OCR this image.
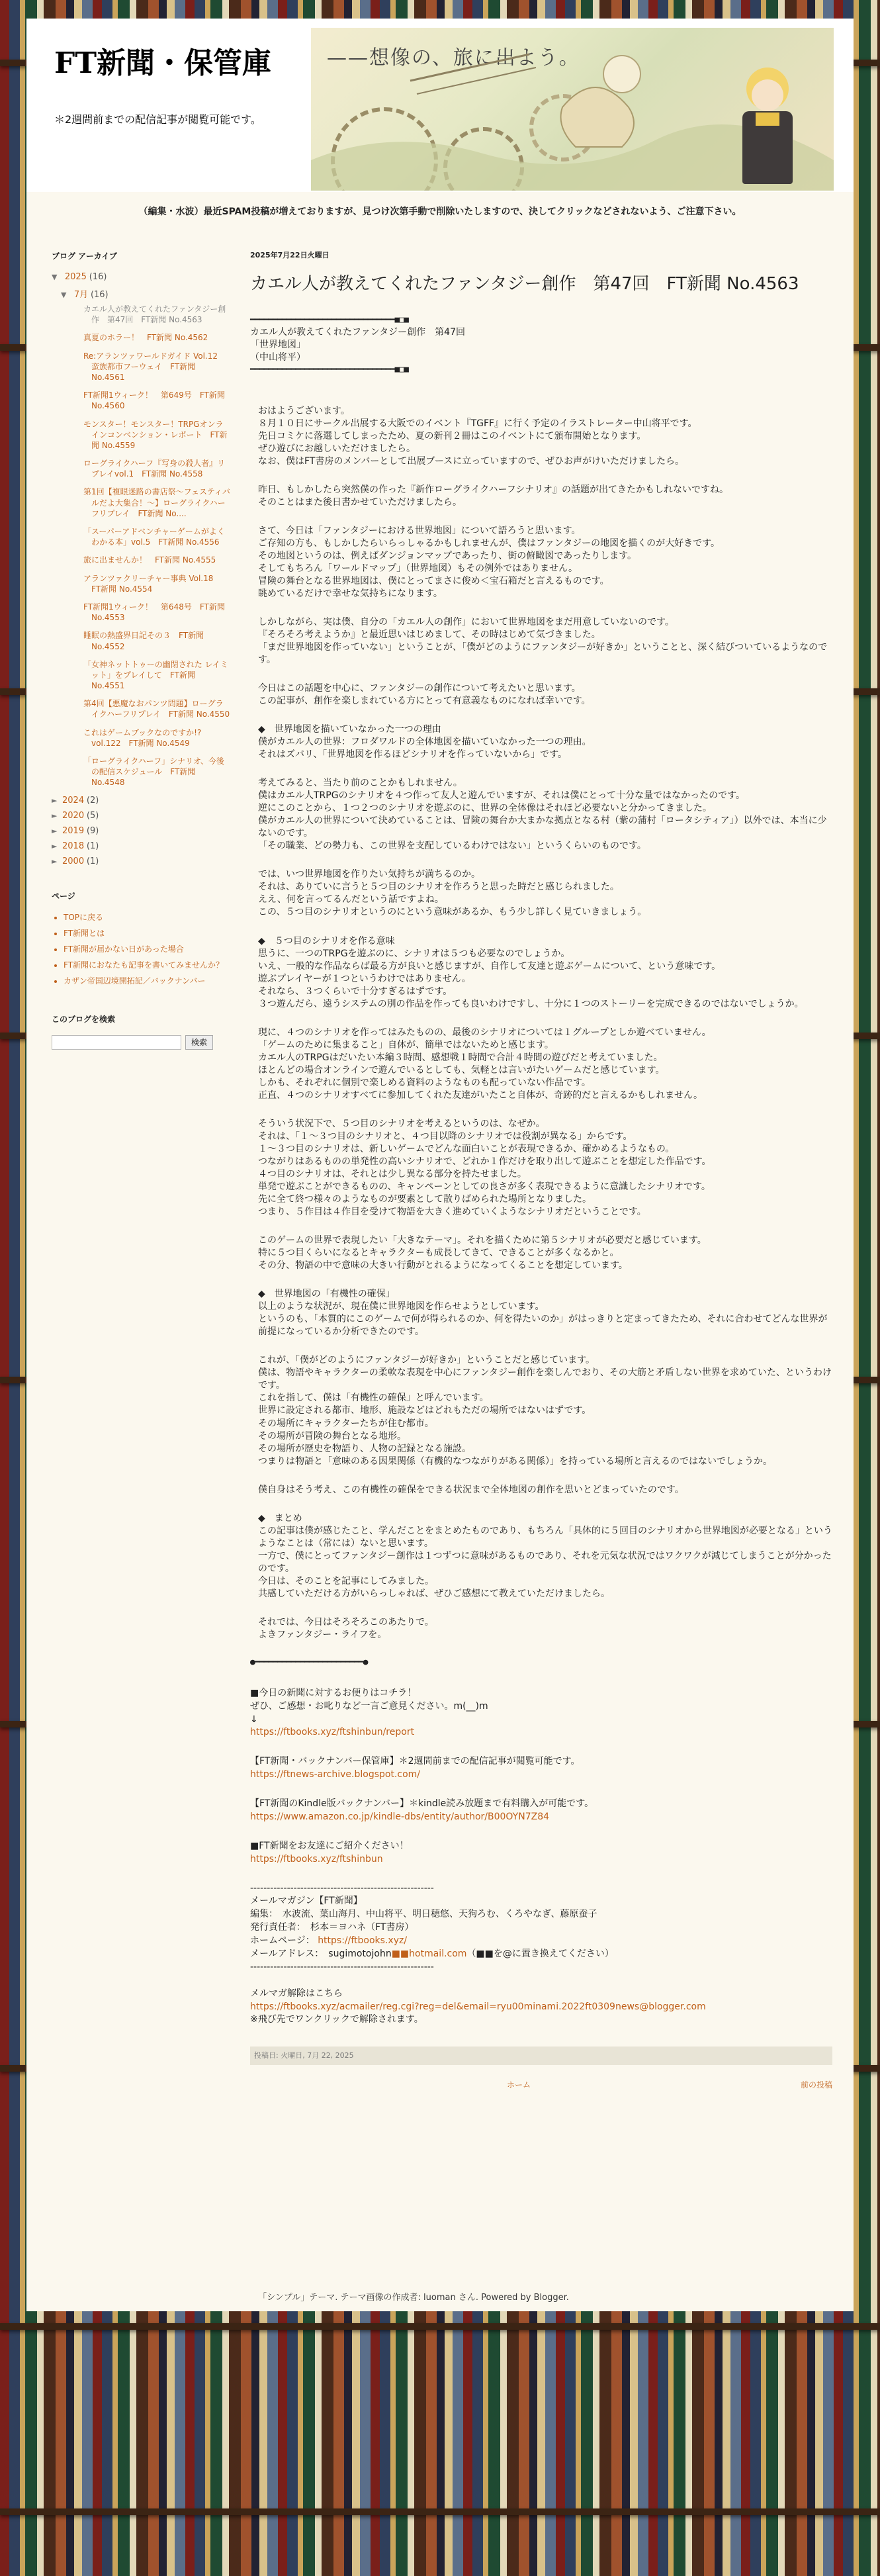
FT新聞・保管庫

＊2週間前までの配信記事が閲覧可能です。

——想像の、旅に出よう。
（編集・水波）最近SPAM投稿が増えておりますが、見つけ次第手動で削除いたしますので、決してクリックなどされないよう、ご注意下さい。
ブログ アーカイブ
▼ 2025 (16)
▼ 7月 (16)
カエル人が教えてくれたファンタジー創作　第47回　FT新聞 No.4563
真夏のホラー！　FT新聞 No.4562
Re:アランツァワールドガイド Vol.12　蛮族都市フーウェイ　FT新聞 No.4561
FT新聞1ウィーク！　第649号　FT新聞 No.4560
モンスター！モンスター！TRPGオンラインコンベンション・レポート　FT新聞 No.4559
ローグライクハーフ『写身の殺人者』リプレイvol.1　FT新聞 No.4558
第1回【複眼迷路の書店祭〜フェスティバルだよ大集合！〜】ローグライクハーフリプレイ　FT新聞 No....
「スーパーアドベンチャーゲームがよくわかる本」vol.5　FT新聞 No.4556
旅に出ませんか！　FT新聞 No.4555
アランツァクリーチャー事典 Vol.18　FT新聞 No.4554
FT新聞1ウィーク！　第648号　FT新聞 No.4553
睡眠の熱盛界日記その３　FT新聞 No.4552
「女神ネットトゥーの幽閉された レイミット」をプレイして　FT新聞 No.4551
第4回【悪魔なおパンツ問題】ローグライクハーフリプレイ　FT新聞 No.4550
これはゲームブックなのですか!?　vol.122　FT新聞 No.4549
「ローグライクハーフ」シナリオ、今後の配信スケジュール　FT新聞 No.4548
► 2024 (2)
► 2020 (5)
► 2019 (9)
► 2018 (1)
► 2000 (1)
ページ
• TOPに戻る
• FT新聞とは
• FT新聞が届かない日があった場合
• FT新聞におなたも記事を書いてみませんか？
• カザン帝国辺境開拓記／バックナンバー
このブログを検索
検索
2025年7月22日火曜日
カエル人が教えてくれたファンタジー創作　第47回　FT新聞 No.4563

━━━━━━━━━━━━━━━━━━━━━━━━━━━━━━━━■□■

カエル人が教えてくれたファンタジー創作　第47回
「世界地図」
（中山将平）

━━━━━━━━━━━━━━━━━━━━━━━━━━━━━━━━■□■

おはようございます。
８月１０日にサークル出展する大阪でのイベント『TGFF』に行く予定のイラストレーター中山将平です。
先日コミケに落選してしまったため、夏の新刊２冊はこのイベントにて頒布開始となります。
ぜひ遊びにお越しいただけましたら。
なお、僕はFT書房のメンバーとして出展ブースに立っていますので、ぜひお声がけいただけましたら。
昨日、もしかしたら突然僕の作った『新作ローグライクハーフシナリオ』の話題が出てきたかもしれないですね。
そのことはまた後日書かせていただけましたら。
さて、今日は「ファンタジーにおける世界地図」について語ろうと思います。
ご存知の方も、もしかしたらいらっしゃるかもしれませんが、僕はファンタジーの地図を描くのが大好きです。
その地図というのは、例えばダンジョンマップであったり、街の俯瞰図であったりします。
そしてもちろん「ワールドマップ」（世界地図）もその例外ではありません。
冒険の舞台となる世界地図は、僕にとってまさに俊め＜宝石箱だと言えるものです。
眺めているだけで幸せな気持ちになります。
しかしながら、実は僕、自分の「カエル人の創作」において世界地図をまだ用意していないのです。
『そろそろ考えようか』と最近思いはじめまして、その時はじめて気づきました。
「まだ世界地図を作っていない」ということが、「僕がどのようにファンタジーが好きか」ということと、深く結びついているようなのです。
今日はこの話題を中心に、ファンタジーの創作について考えたいと思います。
この記事が、創作を楽しまれている方にとって有意義なものになれば幸いです。
◆　世界地図を描いていなかった一つの理由
僕がカエル人の世界：フロダワルドの全体地図を描いていなかった一つの理由。
それはズバリ、「世界地図を作るほどシナリオを作っていないから」です。
考えてみると、当たり前のことかもしれません。
僕はカエル人TRPGのシナリオを４つ作って友人と遊んでいますが、それは僕にとって十分な量ではなかったのです。
逆にこのことから、１つ２つのシナリオを遊ぶのに、世界の全体像はそれほど必要ないと分かってきました。
僕がカエル人の世界について決めていることは、冒険の舞台か大まかな拠点となる村（紫の蒲村「ロータシティア」）以外では、本当に少ないのです。
「その職業、どの勢力も、この世界を支配しているわけではない」というくらいのものです。
では、いつ世界地図を作りたい気持ちが満ちるのか。
それは、ありていに言うと５つ目のシナリオを作ろうと思った時だと感じられました。
ええ、何を言ってるんだという話ですよね。
この、５つ目のシナリオというのにという意味があるか、もう少し詳しく見ていきましょう。
◆　５つ目のシナリオを作る意味
思うに、一つのTRPGを遊ぶのに、シナリオは５つも必要なのでしょうか。
いえ、一般的な作品ならば最る方が良いと感じますが、自作して友達と遊ぶゲームについて、という意味です。
遊ぶプレイヤーが１つというわけではありません。
それなら、３つくらいで十分すぎるはずです。
３つ遊んだら、遠うシステムの別の作品を作っても良いわけですし、十分に１つのストーリーを完成できるのではないでしょうか。
現に、４つのシナリオを作ってはみたものの、最後のシナリオについては１グループとしか遊べていません。
「ゲームのために集まること」自体が、簡単ではないためと感じます。
カエル人のTRPGはだいたい本編３時間、感想戦１時間で合計４時間の遊びだと考えていました。
ほとんどの場合オンラインで遊んでいるとしても、気軽とは言いがたいゲームだと感じています。
しかも、それぞれに個別で楽しめる資料のようなものも配っていない作品です。
正直、４つのシナリオすべてに参加してくれた友達がいたこと自体が、奇跡的だと言えるかもしれません。
そういう状況下で、５つ目のシナリオを考えるというのは、なぜか。
それは、「１〜３つ目のシナリオと、４つ目以降のシナリオでは役割が異なる」からです。
１〜３つ目のシナリオは、新しいゲームでどんな面白いことが表現できるか、確かめるようなもの。
つながりはあるものの単発性の高いシナリオで、どれか１作だけを取り出して遊ぶことを想定した作品です。
４つ目のシナリオは、それとは少し異なる部分を持たせました。
単発で遊ぶことができるものの、キャンペーンとしての良さが多く表現できるように意識したシナリオです。
先に全て終つ様々のようなものが要素として散りばめられた場所となりました。
つまり、５作目は４作目を受けて物語を大きく進めていくようなシナリオだということです。
このゲームの世界で表現したい「大きなテーマ」。それを描くために第５シナリオが必要だと感じています。
特に５つ目くらいになるとキャラクターも成長してきて、できることが多くなるかと。
その分、物語の中で意味の大きい行動がとれるようになってくることを想定しています。
◆　世界地図の「有機性の確保」
以上のような状況が、現在僕に世界地図を作らせようとしています。
というのも、「本質的にこのゲームで何が得られるのか、何を得たいのか」がはっきりと定まってきたため、それに合わせてどんな世界が前提になっているか分析できたのです。
これが、「僕がどのようにファンタジーが好きか」ということだと感じています。
僕は、物語やキャラクターの柔軟な表現を中心にファンタジー創作を楽しんでおり、その大筋と矛盾しない世界を求めていた、というわけです。
これを指して、僕は「有機性の確保」と呼んでいます。
世界に設定される都市、地形、施設などはどれもただの場所ではないはずです。
その場所にキャラクターたちが住む都市。
その場所が冒険の舞台となる地形。
その場所が歴史を物語り、人物の記録となる施設。
つまりは物語と「意味のある因果関係（有機的なつながりがある関係）」を持っている場所と言えるのではないでしょうか。
僕自身はそう考え、この有機性の確保をできる状況まで全体地図の創作を思いとどまっていたのです。
◆　まとめ
この記事は僕が感じたこと、学んだことをまとめたものであり、もちろん「具体的に５回目のシナリオから世界地図が必要となる」というようなことは（常には）ないと思います。
一方で、僕にとってファンタジー創作は１つずつに意味があるものであり、それを元気な状況ではワクワクが減じてしまうことが分かったのです。
今日は、そのことを記事にしてみました。
共感していただける方がいらっしゃれば、ぜひご感想にて教えていただけましたら。
それでは、今日はそろそろこのあたりで。
よきファンタジー・ライフを。

●━━━━━━━━━━━━━━━━━━━━━━━━●

■今日の新聞に対するお便りはコチラ！
ぜひ、ご感想・お叱りなど一言ご意見ください。m(__)m
↓
https://ftbooks.xyz/ftshinbun/report
【FT新聞・バックナンバー保管庫】＊2週間前までの配信記事が閲覧可能です。
https://ftnews-archive.blogspot.com/
【FT新聞のKindle版バックナンバー】＊kindle読み放題まで有料購入が可能です。
https://www.amazon.co.jp/kindle-dbs/entity/author/B00OYN7Z84
■FT新聞をお友達にご紹介ください！
https://ftbooks.xyz/ftshinbun
-------------------------------------------------------
メールマガジン【FT新聞】
編集：　水波流、葉山海月、中山将平、明日穂悠、天狗ろむ、くろやなぎ、藤原蚕子
発行責任者：　杉本＝ヨハネ（FT書房）
ホームページ： https://ftbooks.xyz/
メールアドレス：　sugimotojohn■■hotmail.com（■■を@に置き換えてください）
-------------------------------------------------------
メルマガ解除はこちら
https://ftbooks.xyz/acmailer/reg.cgi?reg=del&email=ryu00minami.2022ft0309news@blogger.com
※飛び先でワンクリックで解除されます。
投稿日: 火曜日, 7月 22, 2025
ホーム	前の投稿
「シンプル」テーマ. テーマ画像の作成者: luoman さん. Powered by Blogger.
